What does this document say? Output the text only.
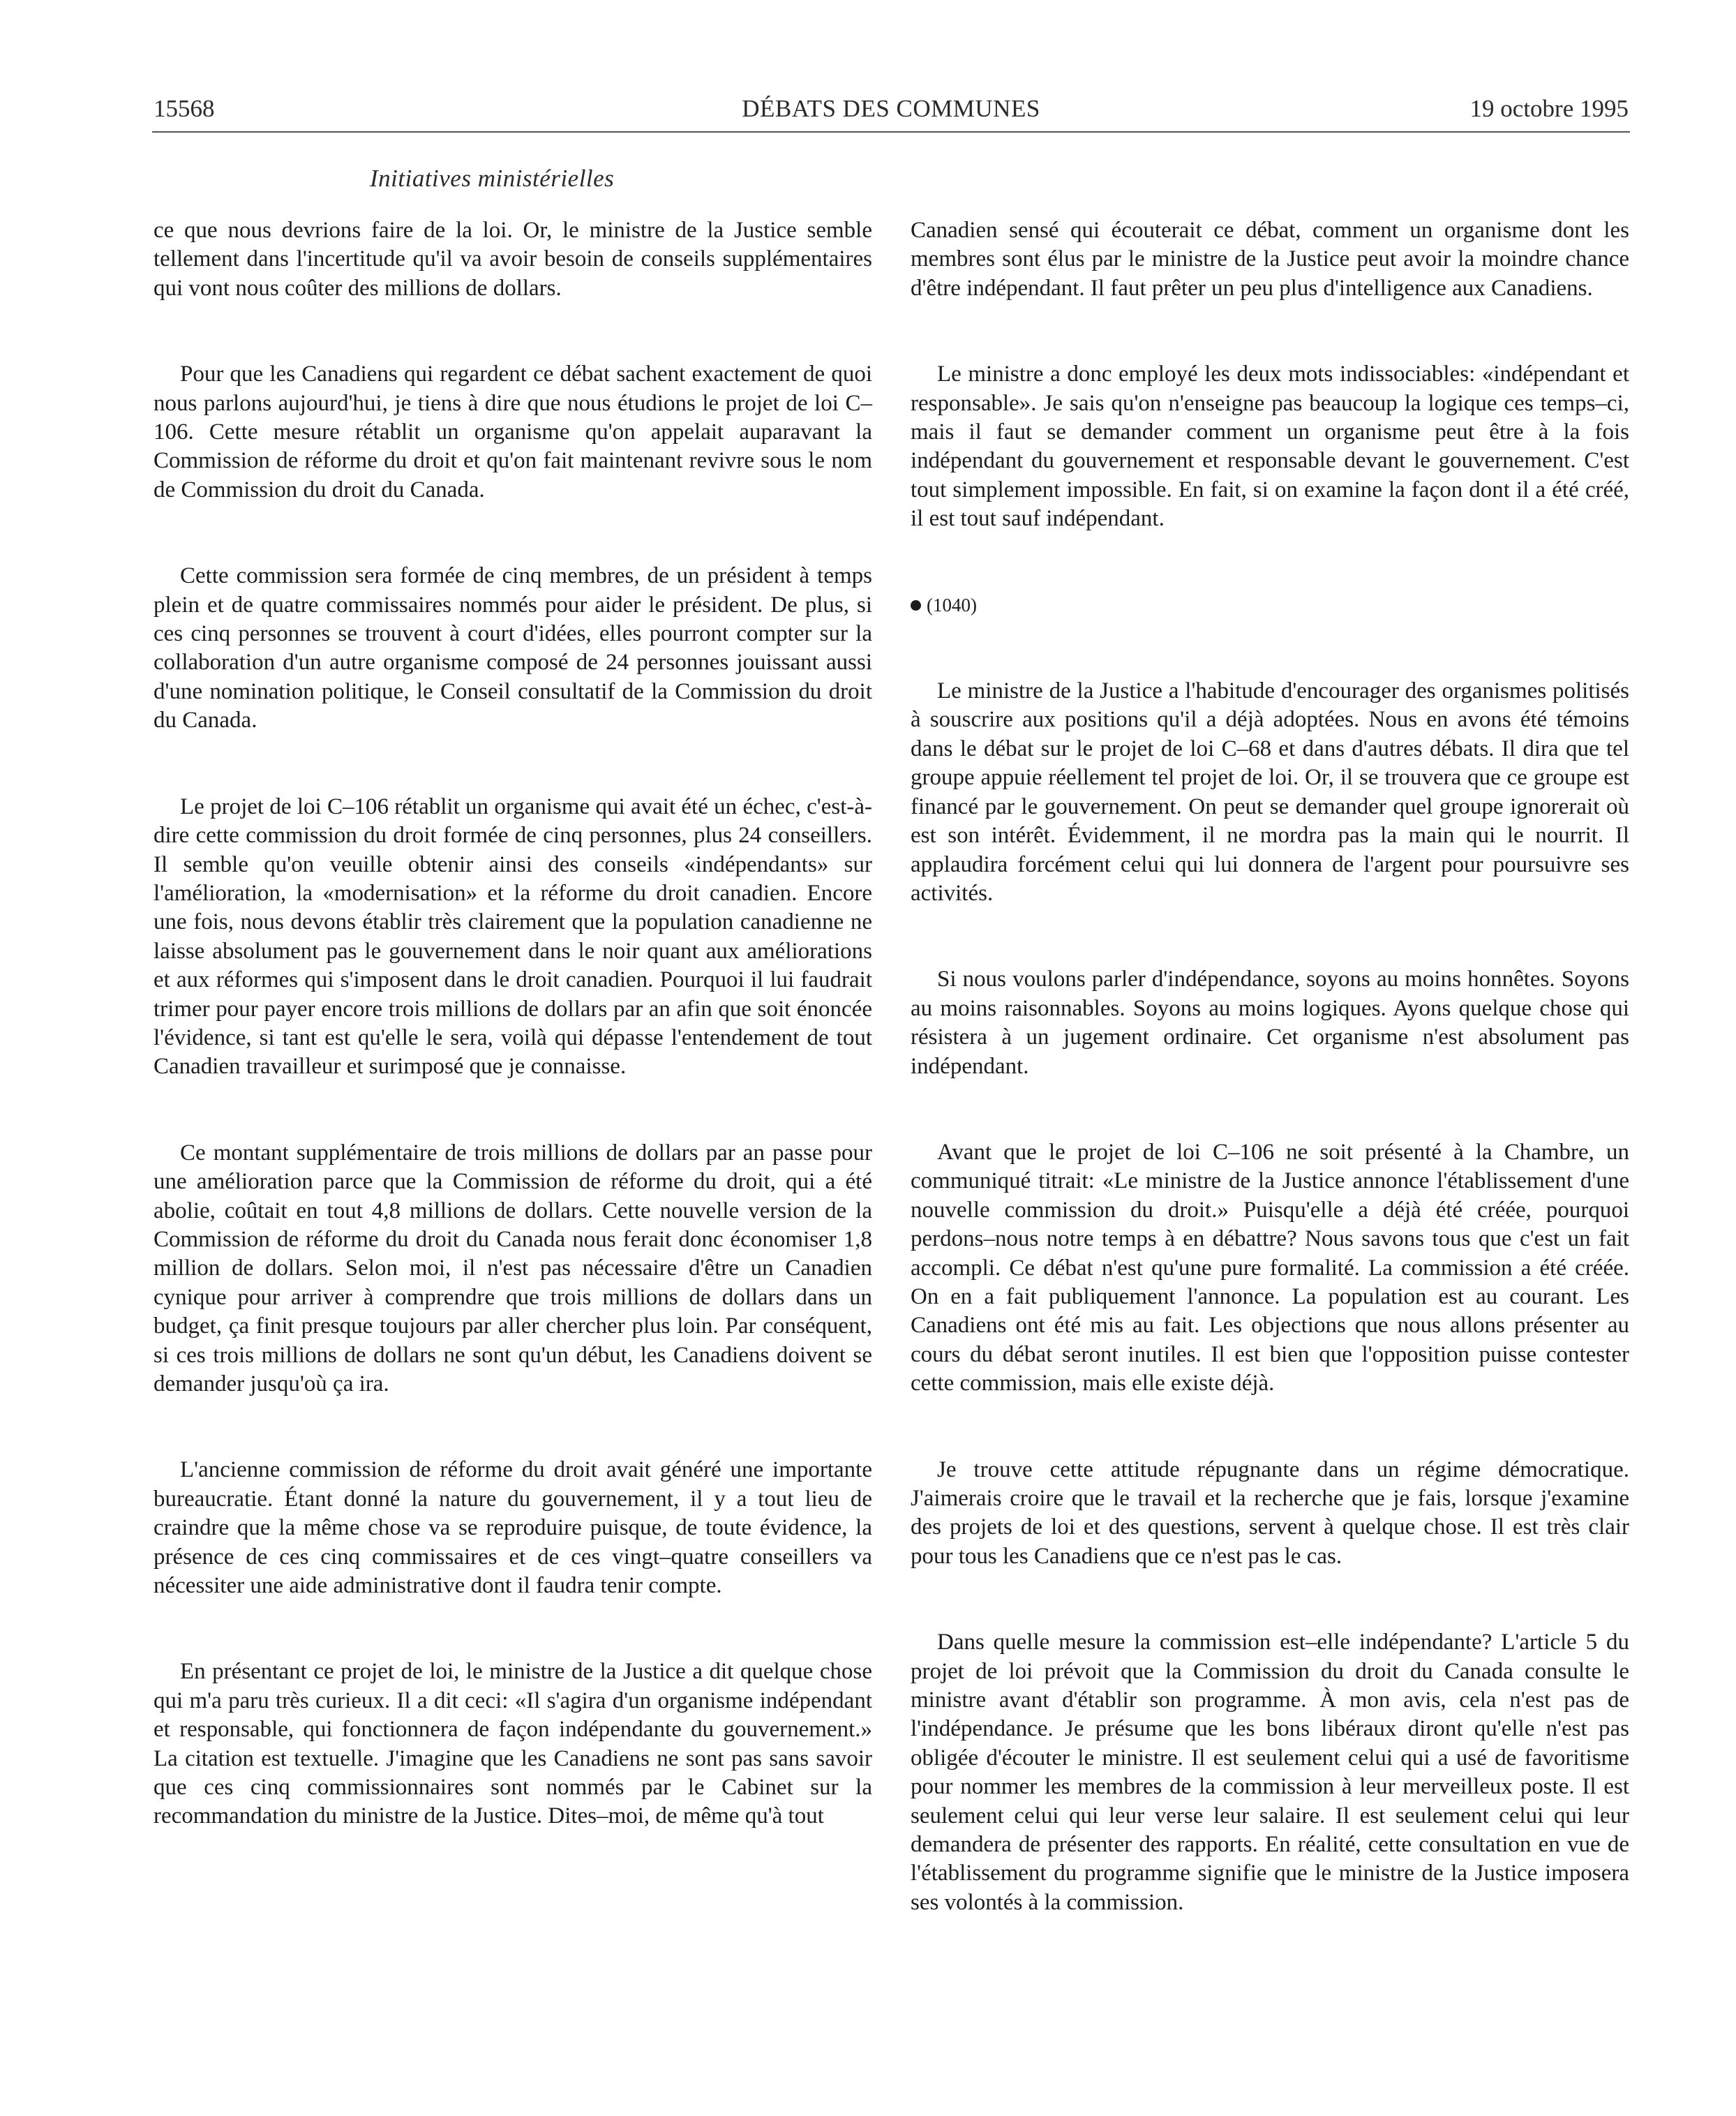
15568	DÉBATS DES COMMUNES	19 octobre 1995
Initiatives ministérielles

ce que nous devrions faire de la loi. Or, le ministre de la Justice semble tellement dans l'incertitude qu'il va avoir besoin de conseils supplémentaires qui vont nous coûter des millions de dollars.

Pour que les Canadiens qui regardent ce débat sachent exactement de quoi nous parlons aujourd'hui, je tiens à dire que nous étudions le projet de loi C–106. Cette mesure rétablit un organisme qu'on appelait auparavant la Commission de réforme du droit et qu'on fait maintenant revivre sous le nom de Commission du droit du Canada.

Cette commission sera formée de cinq membres, de un président à temps plein et de quatre commissaires nommés pour aider le président. De plus, si ces cinq personnes se trouvent à court d'idées, elles pourront compter sur la collaboration d'un autre organisme composé de 24 personnes jouissant aussi d'une nomination politique, le Conseil consultatif de la Commission du droit du Canada.

Le projet de loi C–106 rétablit un organisme qui avait été un échec, c'est-à-dire cette commission du droit formée de cinq personnes, plus 24 conseillers. Il semble qu'on veuille obtenir ainsi des conseils «indépendants» sur l'amélioration, la «modernisation» et la réforme du droit canadien. Encore une fois, nous devons établir très clairement que la population canadienne ne laisse absolument pas le gouvernement dans le noir quant aux améliorations et aux réformes qui s'imposent dans le droit canadien. Pourquoi il lui faudrait trimer pour payer encore trois millions de dollars par an afin que soit énoncée l'évidence, si tant est qu'elle le sera, voilà qui dépasse l'entendement de tout Canadien travailleur et surimposé que je connaisse.

Ce montant supplémentaire de trois millions de dollars par an passe pour une amélioration parce que la Commission de réforme du droit, qui a été abolie, coûtait en tout 4,8 millions de dollars. Cette nouvelle version de la Commission de réforme du droit du Canada nous ferait donc économiser 1,8 million de dollars. Selon moi, il n'est pas nécessaire d'être un Canadien cynique pour arriver à comprendre que trois millions de dollars dans un budget, ça finit presque toujours par aller chercher plus loin. Par conséquent, si ces trois millions de dollars ne sont qu'un début, les Canadiens doivent se demander jusqu'où ça ira.

L'ancienne commission de réforme du droit avait généré une importante bureaucratie. Étant donné la nature du gouvernement, il y a tout lieu de craindre que la même chose va se reproduire puisque, de toute évidence, la présence de ces cinq commissaires et de ces vingt–quatre conseillers va nécessiter une aide administrative dont il faudra tenir compte.

En présentant ce projet de loi, le ministre de la Justice a dit quelque chose qui m'a paru très curieux. Il a dit ceci: «Il s'agira d'un organisme indépendant et responsable, qui fonctionnera de façon indépendante du gouvernement.» La citation est textuelle. J'imagine que les Canadiens ne sont pas sans savoir que ces cinq commissionnaires sont nommés par le Cabinet sur la recommandation du ministre de la Justice. Dites–moi, de même qu'à tout

Canadien sensé qui écouterait ce débat, comment un organisme dont les membres sont élus par le ministre de la Justice peut avoir la moindre chance d'être indépendant. Il faut prêter un peu plus d'intelligence aux Canadiens.

Le ministre a donc employé les deux mots indissociables: «indépendant et responsable». Je sais qu'on n'enseigne pas beaucoup la logique ces temps–ci, mais il faut se demander comment un organisme peut être à la fois indépendant du gouvernement et responsable devant le gouvernement. C'est tout simplement impossible. En fait, si on examine la façon dont il a été créé, il est tout sauf indépendant.

(1040)

Le ministre de la Justice a l'habitude d'encourager des organismes politisés à souscrire aux positions qu'il a déjà adoptées. Nous en avons été témoins dans le débat sur le projet de loi C–68 et dans d'autres débats. Il dira que tel groupe appuie réellement tel projet de loi. Or, il se trouvera que ce groupe est financé par le gouvernement. On peut se demander quel groupe ignorerait où est son intérêt. Évidemment, il ne mordra pas la main qui le nourrit. Il applaudira forcément celui qui lui donnera de l'argent pour poursuivre ses activités.

Si nous voulons parler d'indépendance, soyons au moins honnêtes. Soyons au moins raisonnables. Soyons au moins logiques. Ayons quelque chose qui résistera à un jugement ordinaire. Cet organisme n'est absolument pas indépendant.

Avant que le projet de loi C–106 ne soit présenté à la Chambre, un communiqué titrait: «Le ministre de la Justice annonce l'établissement d'une nouvelle commission du droit.» Puisqu'elle a déjà été créée, pourquoi perdons–nous notre temps à en débattre? Nous savons tous que c'est un fait accompli. Ce débat n'est qu'une pure formalité. La commission a été créée. On en a fait publiquement l'annonce. La population est au courant. Les Canadiens ont été mis au fait. Les objections que nous allons présenter au cours du débat seront inutiles. Il est bien que l'opposition puisse contester cette commission, mais elle existe déjà.

Je trouve cette attitude répugnante dans un régime démocratique. J'aimerais croire que le travail et la recherche que je fais, lorsque j'examine des projets de loi et des questions, servent à quelque chose. Il est très clair pour tous les Canadiens que ce n'est pas le cas.

Dans quelle mesure la commission est–elle indépendante? L'article 5 du projet de loi prévoit que la Commission du droit du Canada consulte le ministre avant d'établir son programme. À mon avis, cela n'est pas de l'indépendance. Je présume que les bons libéraux diront qu'elle n'est pas obligée d'écouter le ministre. Il est seulement celui qui a usé de favoritisme pour nommer les membres de la commission à leur merveilleux poste. Il est seulement celui qui leur verse leur salaire. Il est seulement celui qui leur demandera de présenter des rapports. En réalité, cette consultation en vue de l'établissement du programme signifie que le ministre de la Justice imposera ses volontés à la commission.
